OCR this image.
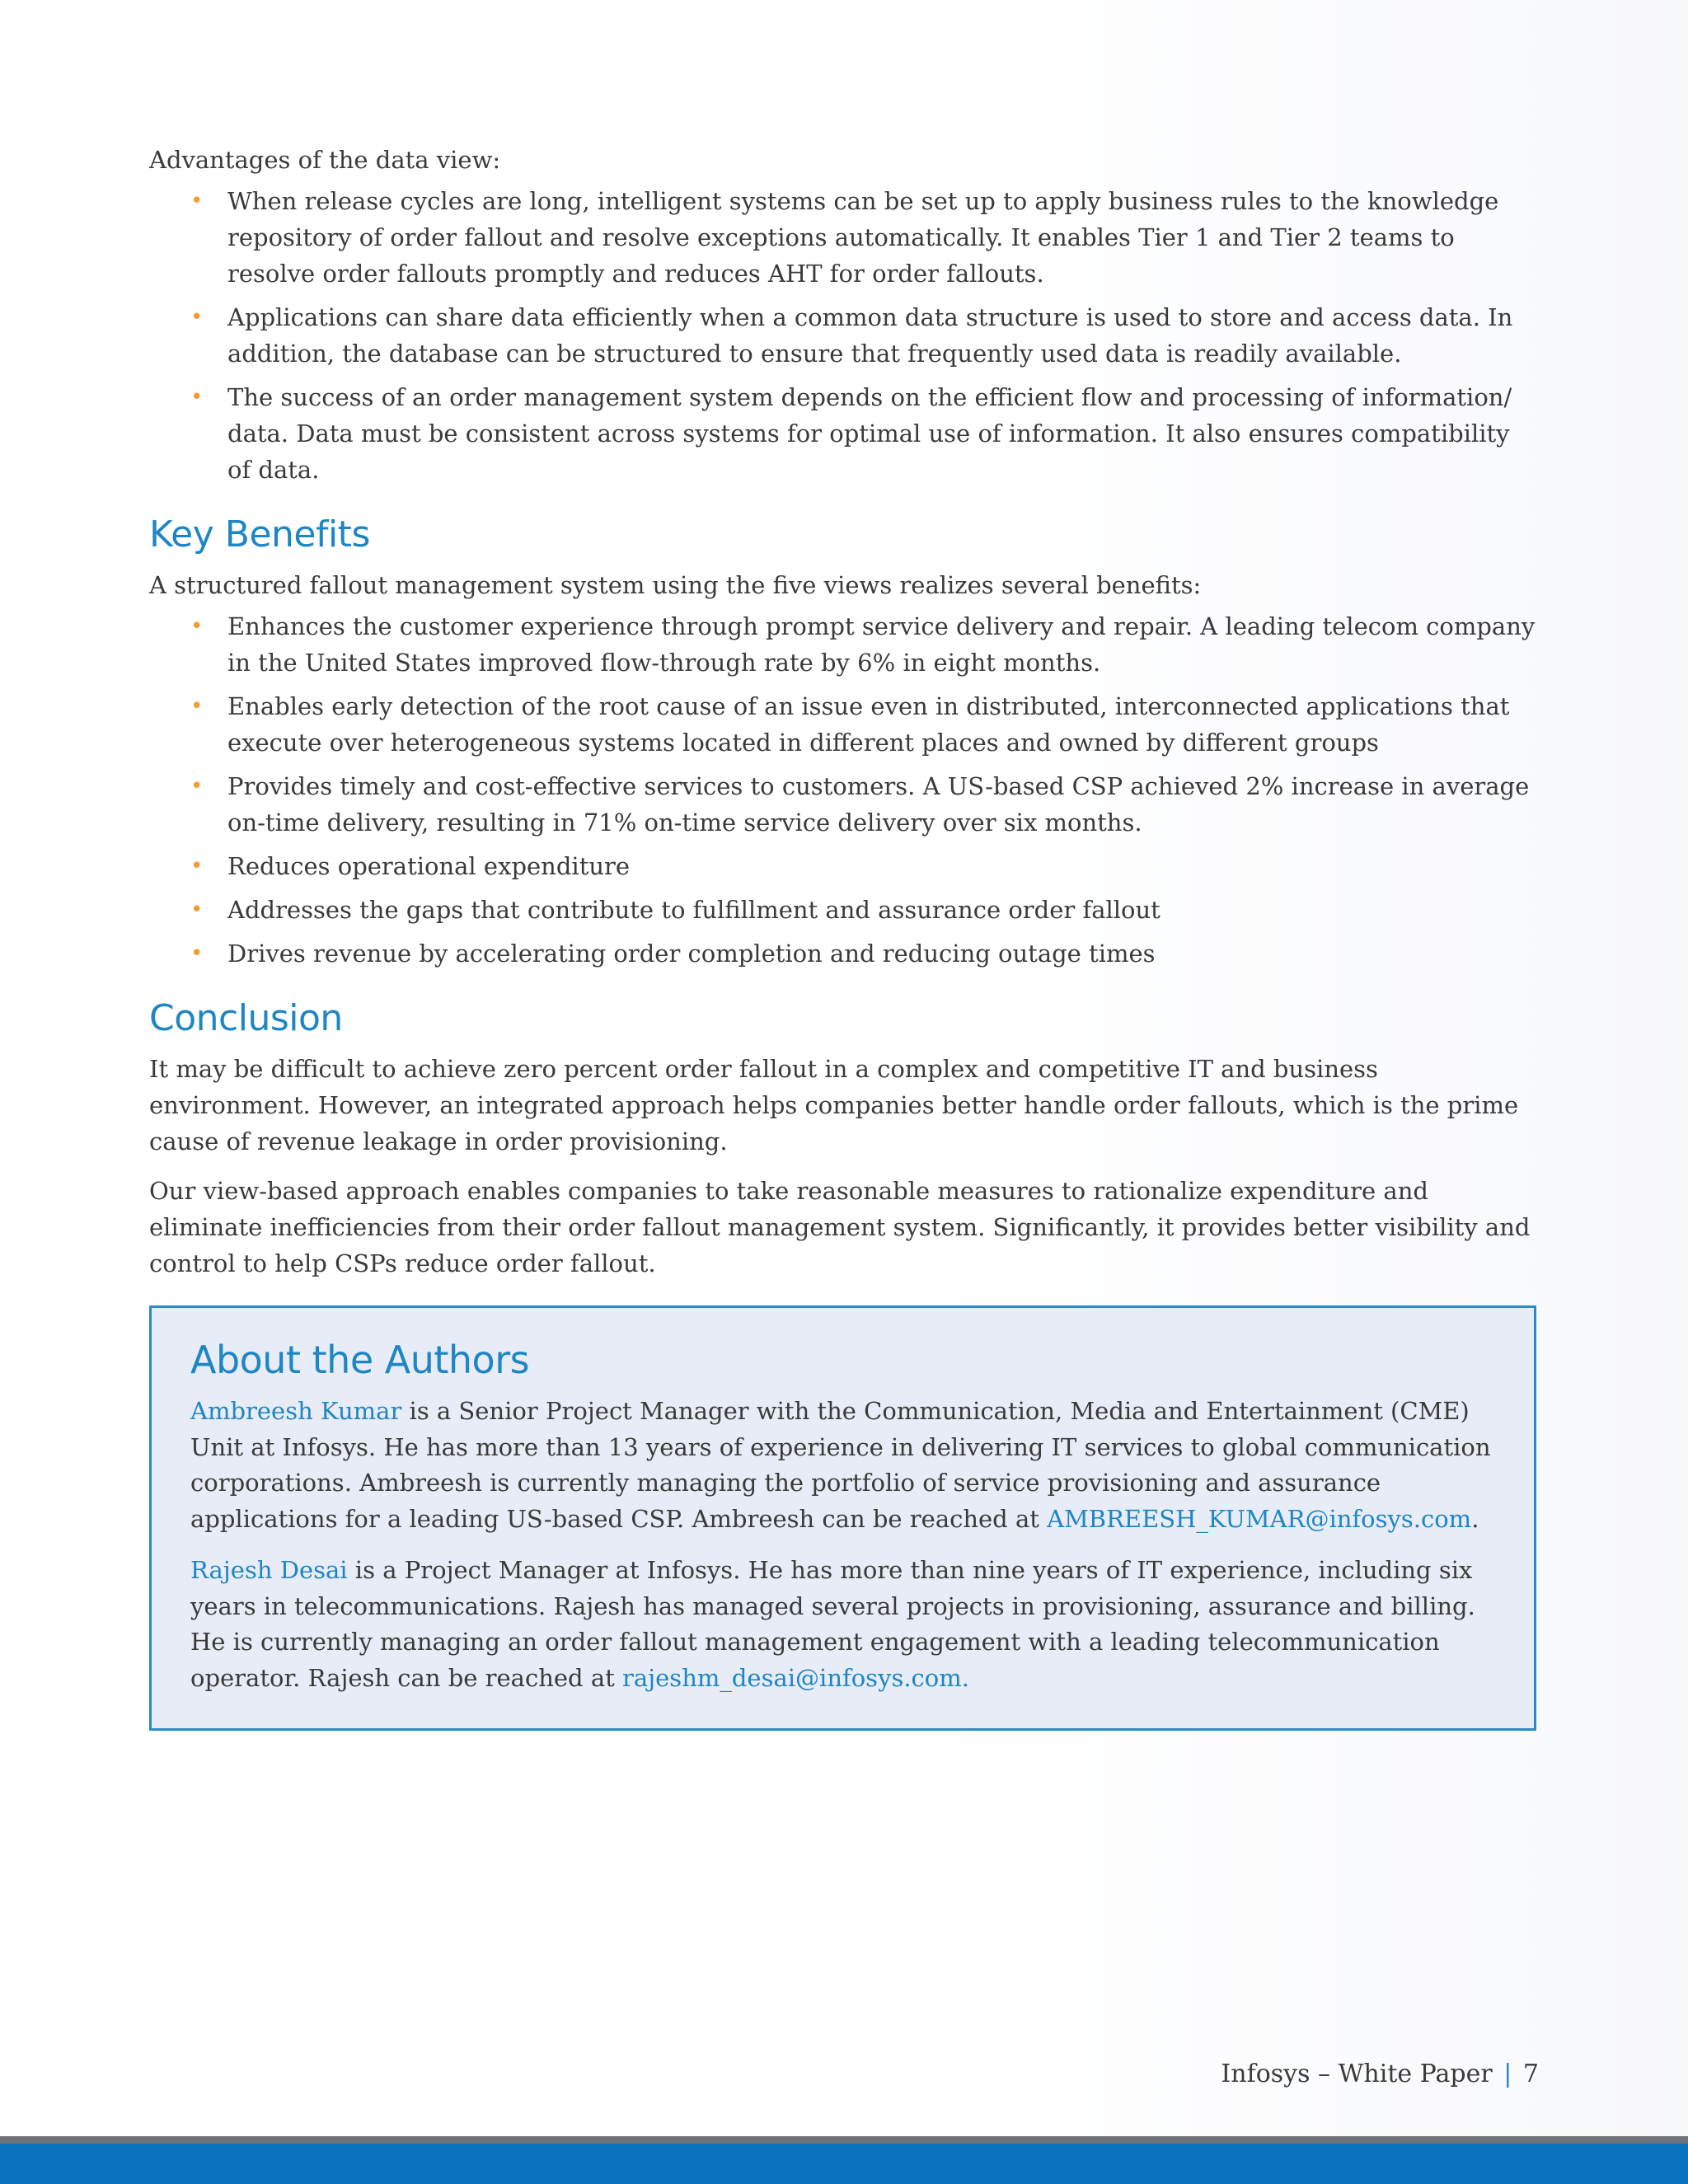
Advantages of the data view:

• When release cycles are long, intelligent systems can be set up to apply business rules to the knowledge repository of order fallout and resolve exceptions automatically. It enables Tier 1 and Tier 2 teams to resolve order fallouts promptly and reduces AHT for order fallouts.
• Applications can share data efficiently when a common data structure is used to store and access data. In addition, the database can be structured to ensure that frequently used data is readily available.
• The success of an order management system depends on the efficient flow and processing of information/ data. Data must be consistent across systems for optimal use of information. It also ensures compatibility of data.
Key Benefits

A structured fallout management system using the five views realizes several benefits:

• Enhances the customer experience through prompt service delivery and repair. A leading telecom company in the United States improved flow-through rate by 6% in eight months.
• Enables early detection of the root cause of an issue even in distributed, interconnected applications that execute over heterogeneous systems located in different places and owned by different groups
• Provides timely and cost-effective services to customers. A US-based CSP achieved 2% increase in average on-time delivery, resulting in 71% on-time service delivery over six months.
• Reduces operational expenditure
• Addresses the gaps that contribute to fulfillment and assurance order fallout
• Drives revenue by accelerating order completion and reducing outage times
Conclusion

It may be difficult to achieve zero percent order fallout in a complex and competitive IT and business environment. However, an integrated approach helps companies better handle order fallouts, which is the prime cause of revenue leakage in order provisioning.

Our view-based approach enables companies to take reasonable measures to rationalize expenditure and eliminate inefficiencies from their order fallout management system. Significantly, it provides better visibility and control to help CSPs reduce order fallout.

About the Authors

Ambreesh Kumar is a Senior Project Manager with the Communication, Media and Entertainment (CME) Unit at Infosys. He has more than 13 years of experience in delivering IT services to global communication corporations. Ambreesh is currently managing the portfolio of service provisioning and assurance applications for a leading US-based CSP. Ambreesh can be reached at AMBREESH_KUMAR@infosys.com.

Rajesh Desai is a Project Manager at Infosys. He has more than nine years of IT experience, including six years in telecommunications. Rajesh has managed several projects in provisioning, assurance and billing. He is currently managing an order fallout management engagement with a leading telecommunication operator. Rajesh can be reached at rajeshm_desai@infosys.com.

Infosys – White Paper | 7
